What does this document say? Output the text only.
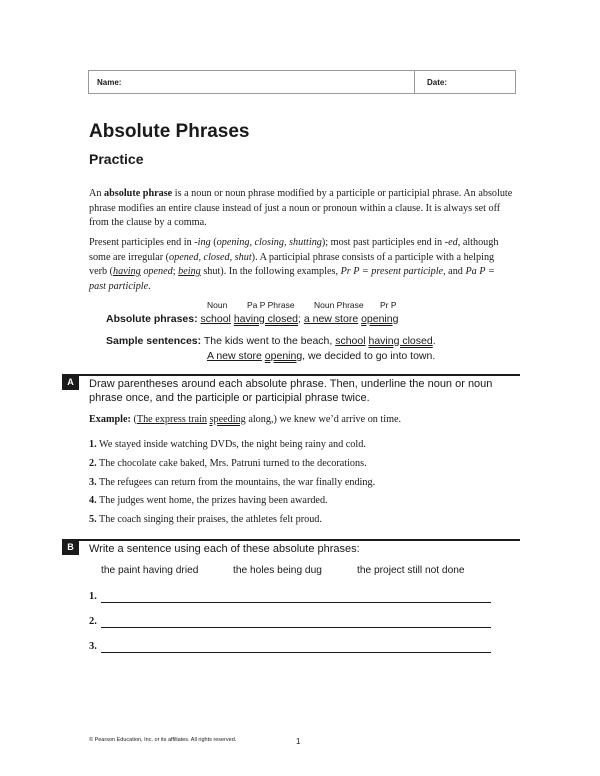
Name:	Date:
Absolute Phrases
Practice

An absolute phrase is a noun or noun phrase modified by a participle or participial phrase. An absolute phrase modifies an entire clause instead of just a noun or pronoun within a clause. It is always set off from the clause by a comma.

Present participles end in -ing (opening, closing, shutting); most past participles end in -ed, although some are irregular (opened, closed, shut). A participial phrase consists of a participle with a helping verb (having opened; being shut). In the following examples, Pr P = present participle, and Pa P = past participle.

Noun Pa P Phrase Noun Phrase Pr P
Absolute phrases: school having closed; a new store opening
Sample sentences: The kids went to the beach, school having closed.
A new store opening, we decided to go into town.
A	Draw parentheses around each absolute phrase. Then, underline the noun or noun phrase once, and the participle or participial phrase twice.
Example: (The express train speeding along,) we knew we’d arrive on time.
1. We stayed inside watching DVDs, the night being rainy and cold.
2. The chocolate cake baked, Mrs. Patruni turned to the decorations.
3. The refugees can return from the mountains, the war finally ending.
4. The judges went home, the prizes having been awarded.
5. The coach singing their praises, the athletes felt proud.
B	Write a sentence using each of these absolute phrases:
the paint having dried	the holes being dug	the project still not done
1.
2.
3.
© Pearson Education, Inc. or its affiliates. All rights reserved.	1
